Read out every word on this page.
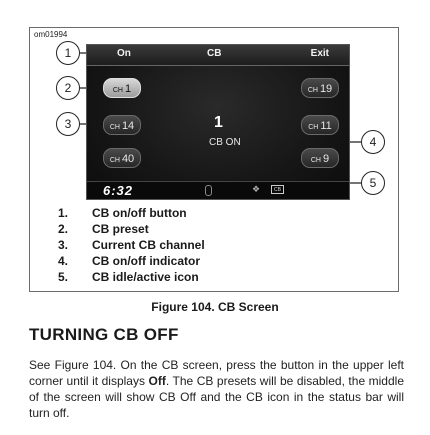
om01994
On	CB	Exit
CH 1
CH 14
CH 40
CH 19
CH 11
CH 9
1
CB ON
6:32	❖	CB
1
2
3
4
5
1. CB on/off button
2. CB preset
3. Current CB channel
4. CB on/off indicator
5. CB idle/active icon
Figure 104. CB Screen
TURNING CB OFF
See Figure 104. On the CB screen, press the button in the upper left corner until it displays Off. The CB presets will be disabled, the middle of the screen will show CB Off and the CB icon in the status bar will turn off.
